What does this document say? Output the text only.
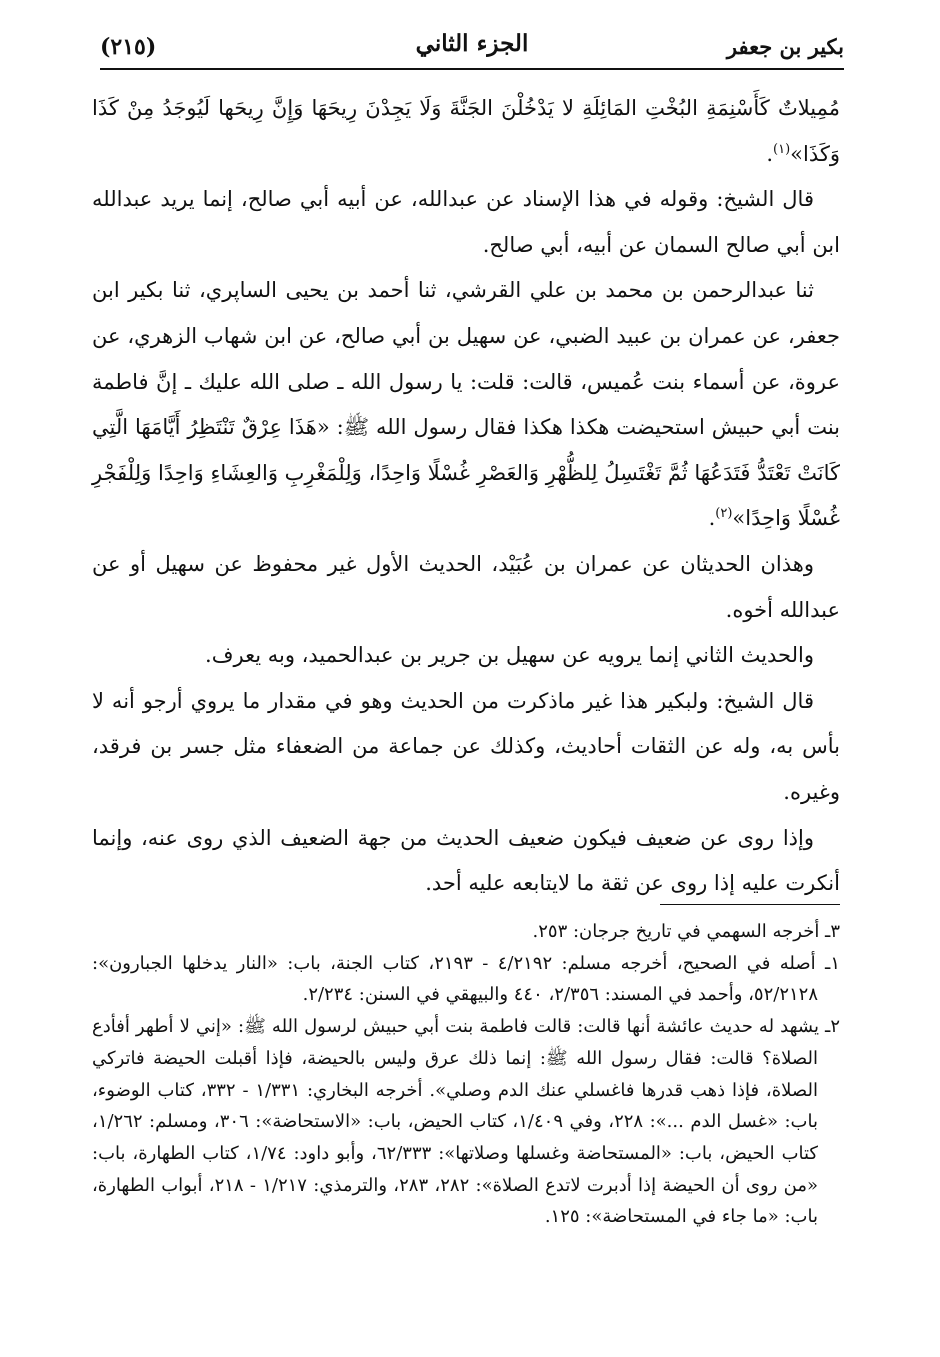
بكير بن جعفر
الجزء الثاني
(٢١٥)

مُمِيلاتٌ كَأَسْنِمَةِ البُخْتِ المَائِلَةِ لا يَدْخُلْنَ الجَنَّةَ وَلَا يَجِدْنَ رِيحَهَا وَإِنَّ رِيحَها لَيُوجَدُ مِنْ كَذَا وَكَذَا»$^{(١)}$.

قال الشيخ: وقوله في هذا الإسناد عن عبدالله، عن أبيه أبي صالح، إنما يريد عبدالله ابن أبي صالح السمان عن أبيه، أبي صالح.

ثنا عبدالرحمن بن محمد بن علي القرشي، ثنا أحمد بن يحيى الساپري، ثنا بكير ابن جعفر، عن عمران بن عبيد الضبي، عن سهيل بن أبي صالح، عن ابن شهاب الزهري، عن عروة، عن أسماء بنت عُميس، قالت: قلت: يا رسول الله ـ صلى الله عليك ـ إنَّ فاطمة بنت أبي حبيش استحيضت هكذا هكذا فقال رسول الله ﷺ: «هَذَا عِرْقٌ تَنْتَظِرُ أَيَّامَهَا الَّتِي كَانَتْ تَعْتَدُّ فَتَدَعُهَا ثُمَّ تَغْتَسِلُ لِلظُّهْرِ وَالعَصْرِ غُسْلًا وَاحِدًا، وَلِلْمَغْرِبِ وَالعِشَاءِ وَاحِدًا وَلِلْفَجْرِ غُسْلًا وَاحِدًا»$^{(٢)}$.

وهذان الحديثان عن عمران بن عُبَيْد، الحديث الأول غير محفوظ عن سهيل أو عن عبدالله أخوه.

والحديث الثاني إنما يرويه عن سهيل بن جرير بن عبدالحميد، وبه يعرف.

قال الشيخ: ولبكير هذا غير ماذكرت من الحديث وهو في مقدار ما يروي أرجو أنه لا بأس به، وله عن الثقات أحاديث، وكذلك عن جماعة من الضعفاء مثل جسر بن فرقد، وغيره.

وإذا روى عن ضعيف فيكون ضعيف الحديث من جهة الضعيف الذي روى عنه، وإنما أنكرت عليه إذا روى عن ثقة ما لايتابعه عليه أحد.

٣ـ أخرجه السهمي في تاريخ جرجان: ٢٥٣.

١ـ أصله في الصحيح، أخرجه مسلم: ٤/٢١٩٢ - ٢١٩٣، كتاب الجنة، باب: «النار يدخلها الجبارون»: ٥٢/٢١٢٨، وأحمد في المسند: ٢/٣٥٦، ٤٤٠ والبيهقي في السنن: ٢/٢٣٤.

٢ـ يشهد له حديث عائشة أنها قالت: قالت فاطمة بنت أبي حبيش لرسول الله ﷺ: «إني لا أطهر أفأدع الصلاة؟ قالت: فقال رسول الله ﷺ: إنما ذلك عرق وليس بالحيضة، فإذا أقبلت الحيضة فاتركي الصلاة، فإذا ذهب قدرها فاغسلي عنك الدم وصلي». أخرجه البخاري: ١/٣٣١ - ٣٣٢، كتاب الوضوء، باب: «غسل الدم ...»: ٢٢٨، وفي ١/٤٠٩، كتاب الحيض، باب: «الاستحاضة»: ٣٠٦، ومسلم: ١/٢٦٢، كتاب الحيض، باب: «المستحاضة وغسلها وصلاتها»: ٦٢/٣٣٣، وأبو داود: ١/٧٤، كتاب الطهارة، باب: «من روى أن الحيضة إذا أدبرت لاتدع الصلاة»: ٢٨٢، ٢٨٣، والترمذي: ١/٢١٧ - ٢١٨، أبواب الطهارة، باب: «ما جاء في المستحاضة»: ١٢٥.
